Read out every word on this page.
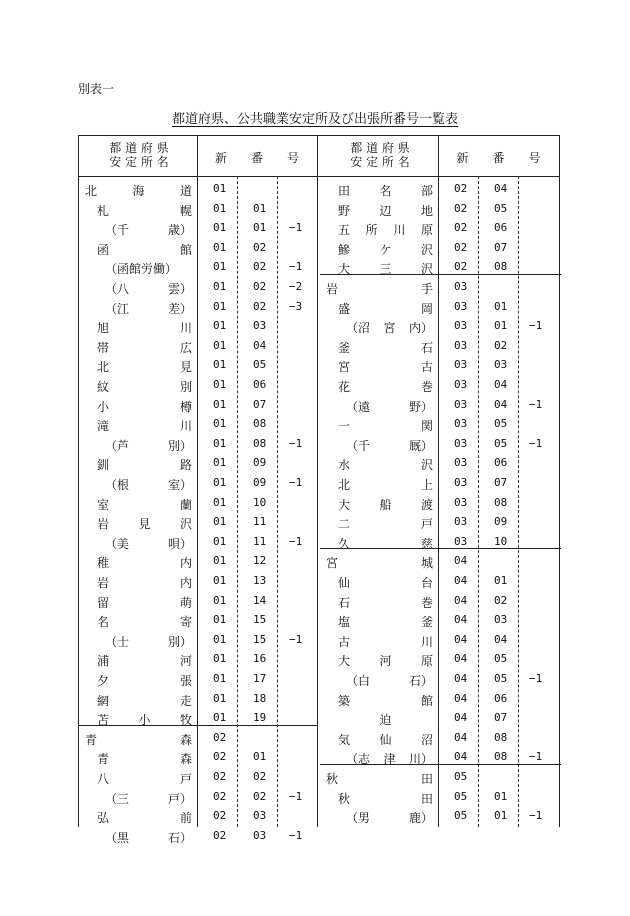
別表一
都道府県、公共職業安定所及び出張所番号一覧表
都 道 府 県
安 定 所 名	新　　番　　号
都 道 府 県
安 定 所 名	新　　番　　号
北	海	道 01
札	幌 01 01
（千	歳） 01 01 −1
函	館 01 02
（函館労働）	01 02 −1
（八	雲） 01 02 −2
（江	差） 01 02 −3
旭	川 01 03
帯	広 01 04
北	見 01 05
紋	別 01 06
小	樽 01 07
滝	川 01 08
（芦	別） 01 08 −1
釧	路 01 09
（根	室） 01 09 −1
室	蘭 01 10
岩 見 沢 01 11
（美	唄） 01 11 −1
稚	内 01 12
岩	内 01 13
留	萌 01 14
名	寄 01 15
（士	別） 01 15 −1
浦	河 01 16
夕	張 01 17
網	走 01 18
苫 小 牧 01 19
青	森 02
青	森 02 01
八	戸 02 02
（三	戸） 02 02 −1
弘	前 02 03
（黒	石） 02 03 −1
田 名 部 02 04
野 辺 地 02 05
五 所 川 原 02 06
鰺 ケ 沢 02 07
大 三 沢 02 08
岩	手 03
盛	岡 03 01
（沼 宮 内） 03 01 −1
釜	石 03 02
宮	古 03 03
花	巻 03 04
（遠	野） 03 04 −1
一	関 03 05
（千	厩） 03 05 −1
水	沢 03 06
北	上 03 07
大 船 渡 03 08
二	戸 03 09
久	慈 03 10
宮	城 04
仙	台 04 01
石	巻 04 02
塩	釜 04 03
古	川 04 04
大 河 原 04 05
（白	石） 04 05 −1
築	館 04 06
迫	04 07
気 仙 沼 04 08
（志 津 川） 04 08 −1
秋	田 05
秋	田 05 01
（男	鹿） 05 01 −1
